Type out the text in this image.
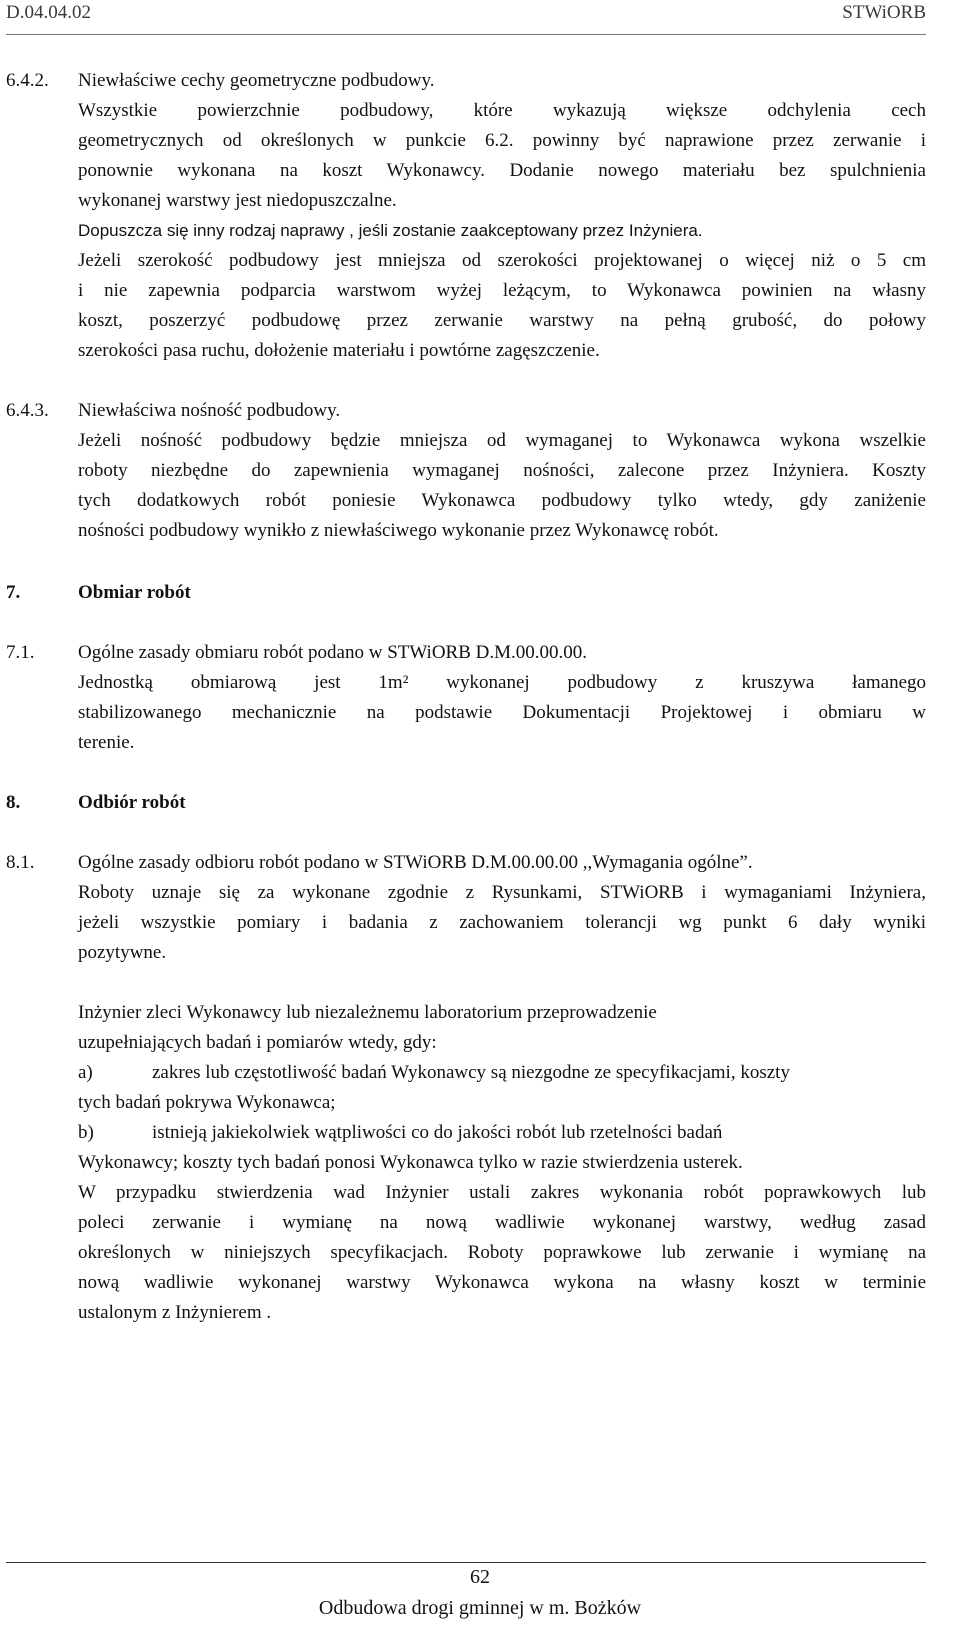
D.04.04.02	STWiORB
6.4.2. Niewłaściwe cechy geometryczne podbudowy.
Wszystkie powierzchnie podbudowy, które wykazują większe odchylenia cech
geometrycznych od określonych w punkcie 6.2. powinny być naprawione przez zerwanie i
ponownie wykonana na koszt Wykonawcy. Dodanie nowego materiału bez spulchnienia
wykonanej warstwy jest niedopuszczalne.
Dopuszcza się inny rodzaj naprawy , jeśli zostanie zaakceptowany przez Inżyniera.
Jeżeli szerokość podbudowy jest mniejsza od szerokości projektowanej o więcej niż o 5 cm
i nie zapewnia podparcia warstwom wyżej leżącym, to Wykonawca powinien na własny
koszt, poszerzyć podbudowę przez zerwanie warstwy na pełną grubość, do połowy
szerokości pasa ruchu, dołożenie materiału i powtórne zagęszczenie.
6.4.3. Niewłaściwa nośność podbudowy.
Jeżeli nośność podbudowy będzie mniejsza od wymaganej to Wykonawca wykona wszelkie
roboty niezbędne do zapewnienia wymaganej nośności, zalecone przez Inżyniera. Koszty
tych dodatkowych robót poniesie Wykonawca podbudowy tylko wtedy, gdy zaniżenie
nośności podbudowy wynikło z niewłaściwego wykonanie przez Wykonawcę robót.
7.	Obmiar robót
7.1. Ogólne zasady obmiaru robót podano w STWiORB D.M.00.00.00.
Jednostką obmiarową jest 1m² wykonanej podbudowy z kruszywa łamanego
stabilizowanego mechanicznie na podstawie Dokumentacji Projektowej i obmiaru w
terenie.
8.	Odbiór robót
8.1. Ogólne zasady odbioru robót podano w STWiORB D.M.00.00.00 ,,Wymagania ogólne”.
Roboty uznaje się za wykonane zgodnie z Rysunkami, STWiORB i wymaganiami Inżyniera,
jeżeli wszystkie pomiary i badania z zachowaniem tolerancji wg punkt 6 dały wyniki
pozytywne.
Inżynier zleci Wykonawcy lub niezależnemu laboratorium przeprowadzenie
uzupełniających badań i pomiarów wtedy, gdy:
a)	zakres lub częstotliwość badań Wykonawcy są niezgodne ze specyfikacjami, koszty
tych badań pokrywa Wykonawca;
b)	istnieją jakiekolwiek wątpliwości co do jakości robót lub rzetelności badań
Wykonawcy; koszty tych badań ponosi Wykonawca tylko w razie stwierdzenia usterek.
W przypadku stwierdzenia wad Inżynier ustali zakres wykonania robót poprawkowych lub
poleci zerwanie i wymianę na nową wadliwie wykonanej warstwy, według zasad
określonych w niniejszych specyfikacjach. Roboty poprawkowe lub zerwanie i wymianę na
nową wadliwie wykonanej warstwy Wykonawca wykona na własny koszt w terminie
ustalonym z Inżynierem .
62
Odbudowa drogi gminnej w m. Bożków
